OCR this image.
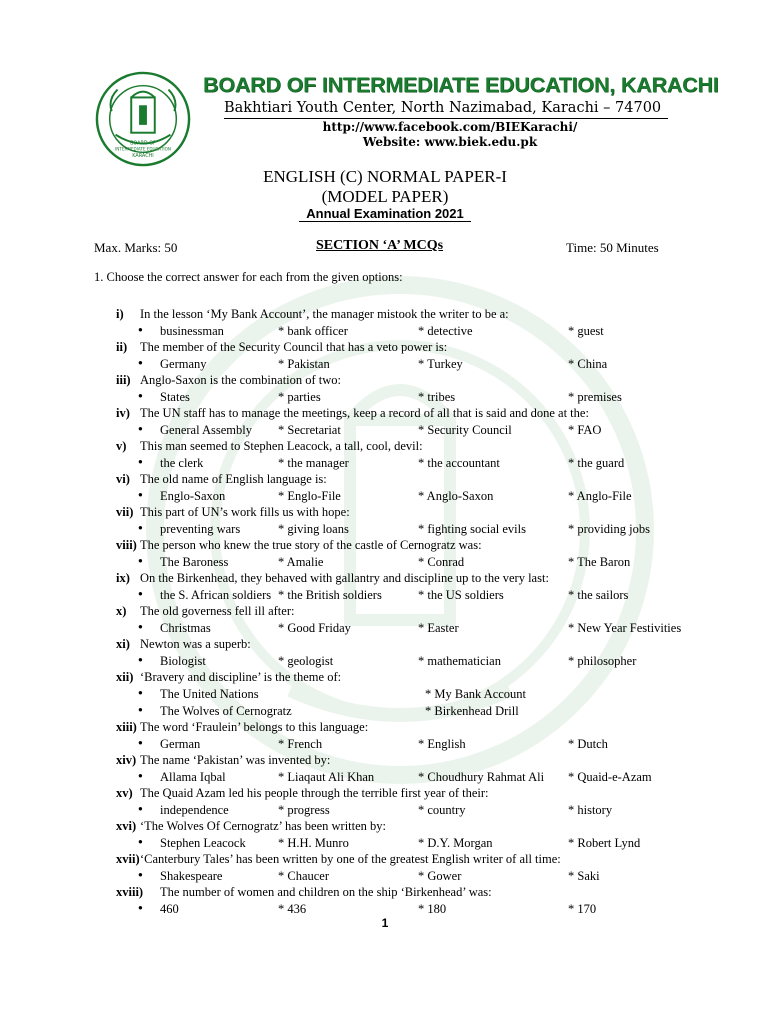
BOARD OF
INTERMEDIATE EDUCATION
KARACHI
BOARD OF INTERMEDIATE EDUCATION, KARACHI
Bakhtiari Youth Center, North Nazimabad, Karachi – 74700
http://www.facebook.com/BIEKarachi/
Website: www.biek.edu.pk
ENGLISH (C) NORMAL PAPER-I
(MODEL PAPER)
Annual Examination 2021
Max. Marks: 50	SECTION ‘A’ MCQs	Time: 50 Minutes
1. Choose the correct answer for each from the given options:
i) In the lesson ‘My Bank Account’, the manager mistook the writer to be a:
● businessman	* bank officer	* detective	* guest
ii) The member of the Security Council that has a veto power is:
● Germany	* Pakistan	* Turkey	* China
iii) Anglo-Saxon is the combination of two:
● States	* parties	* tribes	* premises
iv) The UN staff has to manage the meetings, keep a record of all that is said and done at the:
● General Assembly * Secretariat	* Security Council	* FAO
v) This man seemed to Stephen Leacock, a tall, cool, devil:
● the clerk	* the manager	* the accountant	* the guard
vi) The old name of English language is:
● Englo-Saxon	* Englo-File	* Anglo-Saxon	* Anglo-File
vii) This part of UN’s work fills us with hope:
● preventing wars	* giving loans	* fighting social evils	* providing jobs
viii) The person who knew the true story of the castle of Cernogratz was:
● The Baroness	* Amalie	* Conrad	* The Baron
ix) On the Birkenhead, they behaved with gallantry and discipline up to the very last:
● the S. African soldiers * the British soldiers	* the US soldiers	* the sailors
x) The old governess fell ill after:
● Christmas	* Good Friday	* Easter	* New Year Festivities
xi) Newton was a superb:
● Biologist	* geologist	* mathematician	* philosopher
xii) ‘Bravery and discipline’ is the theme of:
● The United Nations	* My Bank Account
● The Wolves of Cernogratz	* Birkenhead Drill
xiii) The word ‘Fraulein’ belongs to this language:
● German	* French	* English	* Dutch
xiv) The name ‘Pakistan’ was invented by:
● Allama Iqbal	* Liaqaut Ali Khan	* Choudhury Rahmat Ali * Quaid-e-Azam
xv) The Quaid Azam led his people through the terrible first year of their:
● independence	* progress	* country	* history
xvi) ‘The Wolves Of Cernogratz’ has been written by:
● Stephen Leacock	* H.H. Munro	* D.Y. Morgan	* Robert Lynd
xvii) ‘Canterbury Tales’ has been written by one of the greatest English writer of all time:
● Shakespeare	* Chaucer	* Gower	* Saki
xviii) The number of women and children on the ship ‘Birkenhead’ was:
● 460	* 436	* 180	* 170
1
